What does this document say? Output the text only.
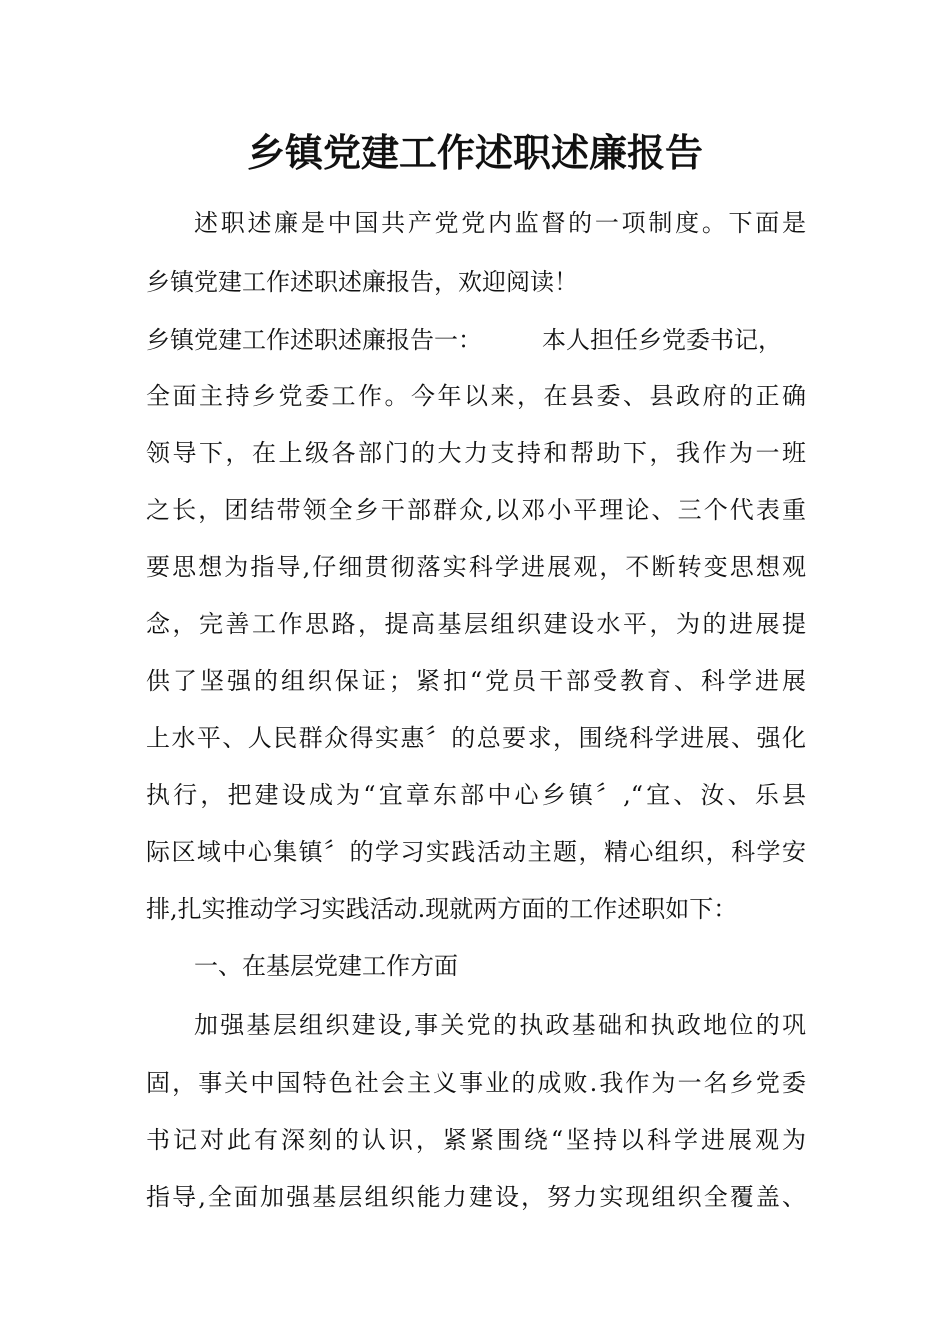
乡镇党建工作述职述廉报告
述职述廉是中国共产党党内监督的一项制度。下面是
乡镇党建工作述职述廉报告，欢迎阅读！
乡镇党建工作述职述廉报告一：	本人担任乡党委书记，
全面主持乡党委工作。今年以来，在县委、县政府的正确
领导下，在上级各部门的大力支持和帮助下，我作为一班
之长，团结带领全乡干部群众,以邓小平理论、三个代表重
要思想为指导,仔细贯彻落实科学进展观，不断转变思想观
念，完善工作思路，提高基层组织建设水平，为的进展提
供了坚强的组织保证；紧扣“党员干部受教育、科学进展
上水平、人民群众得实惠〞的总要求，围绕科学进展、强化
执行，把建设成为“宜章东部中心乡镇〞,“宜、汝、乐县
际区域中心集镇〞的学习实践活动主题，精心组织，科学安
排,扎实推动学习实践活动.现就两方面的工作述职如下：
一、在基层党建工作方面
加强基层组织建设,事关党的执政基础和执政地位的巩
固，事关中国特色社会主义事业的成败.我作为一名乡党委
书记对此有深刻的认识，紧紧围绕“坚持以科学进展观为
指导,全面加强基层组织能力建设，努力实现组织全覆盖、
